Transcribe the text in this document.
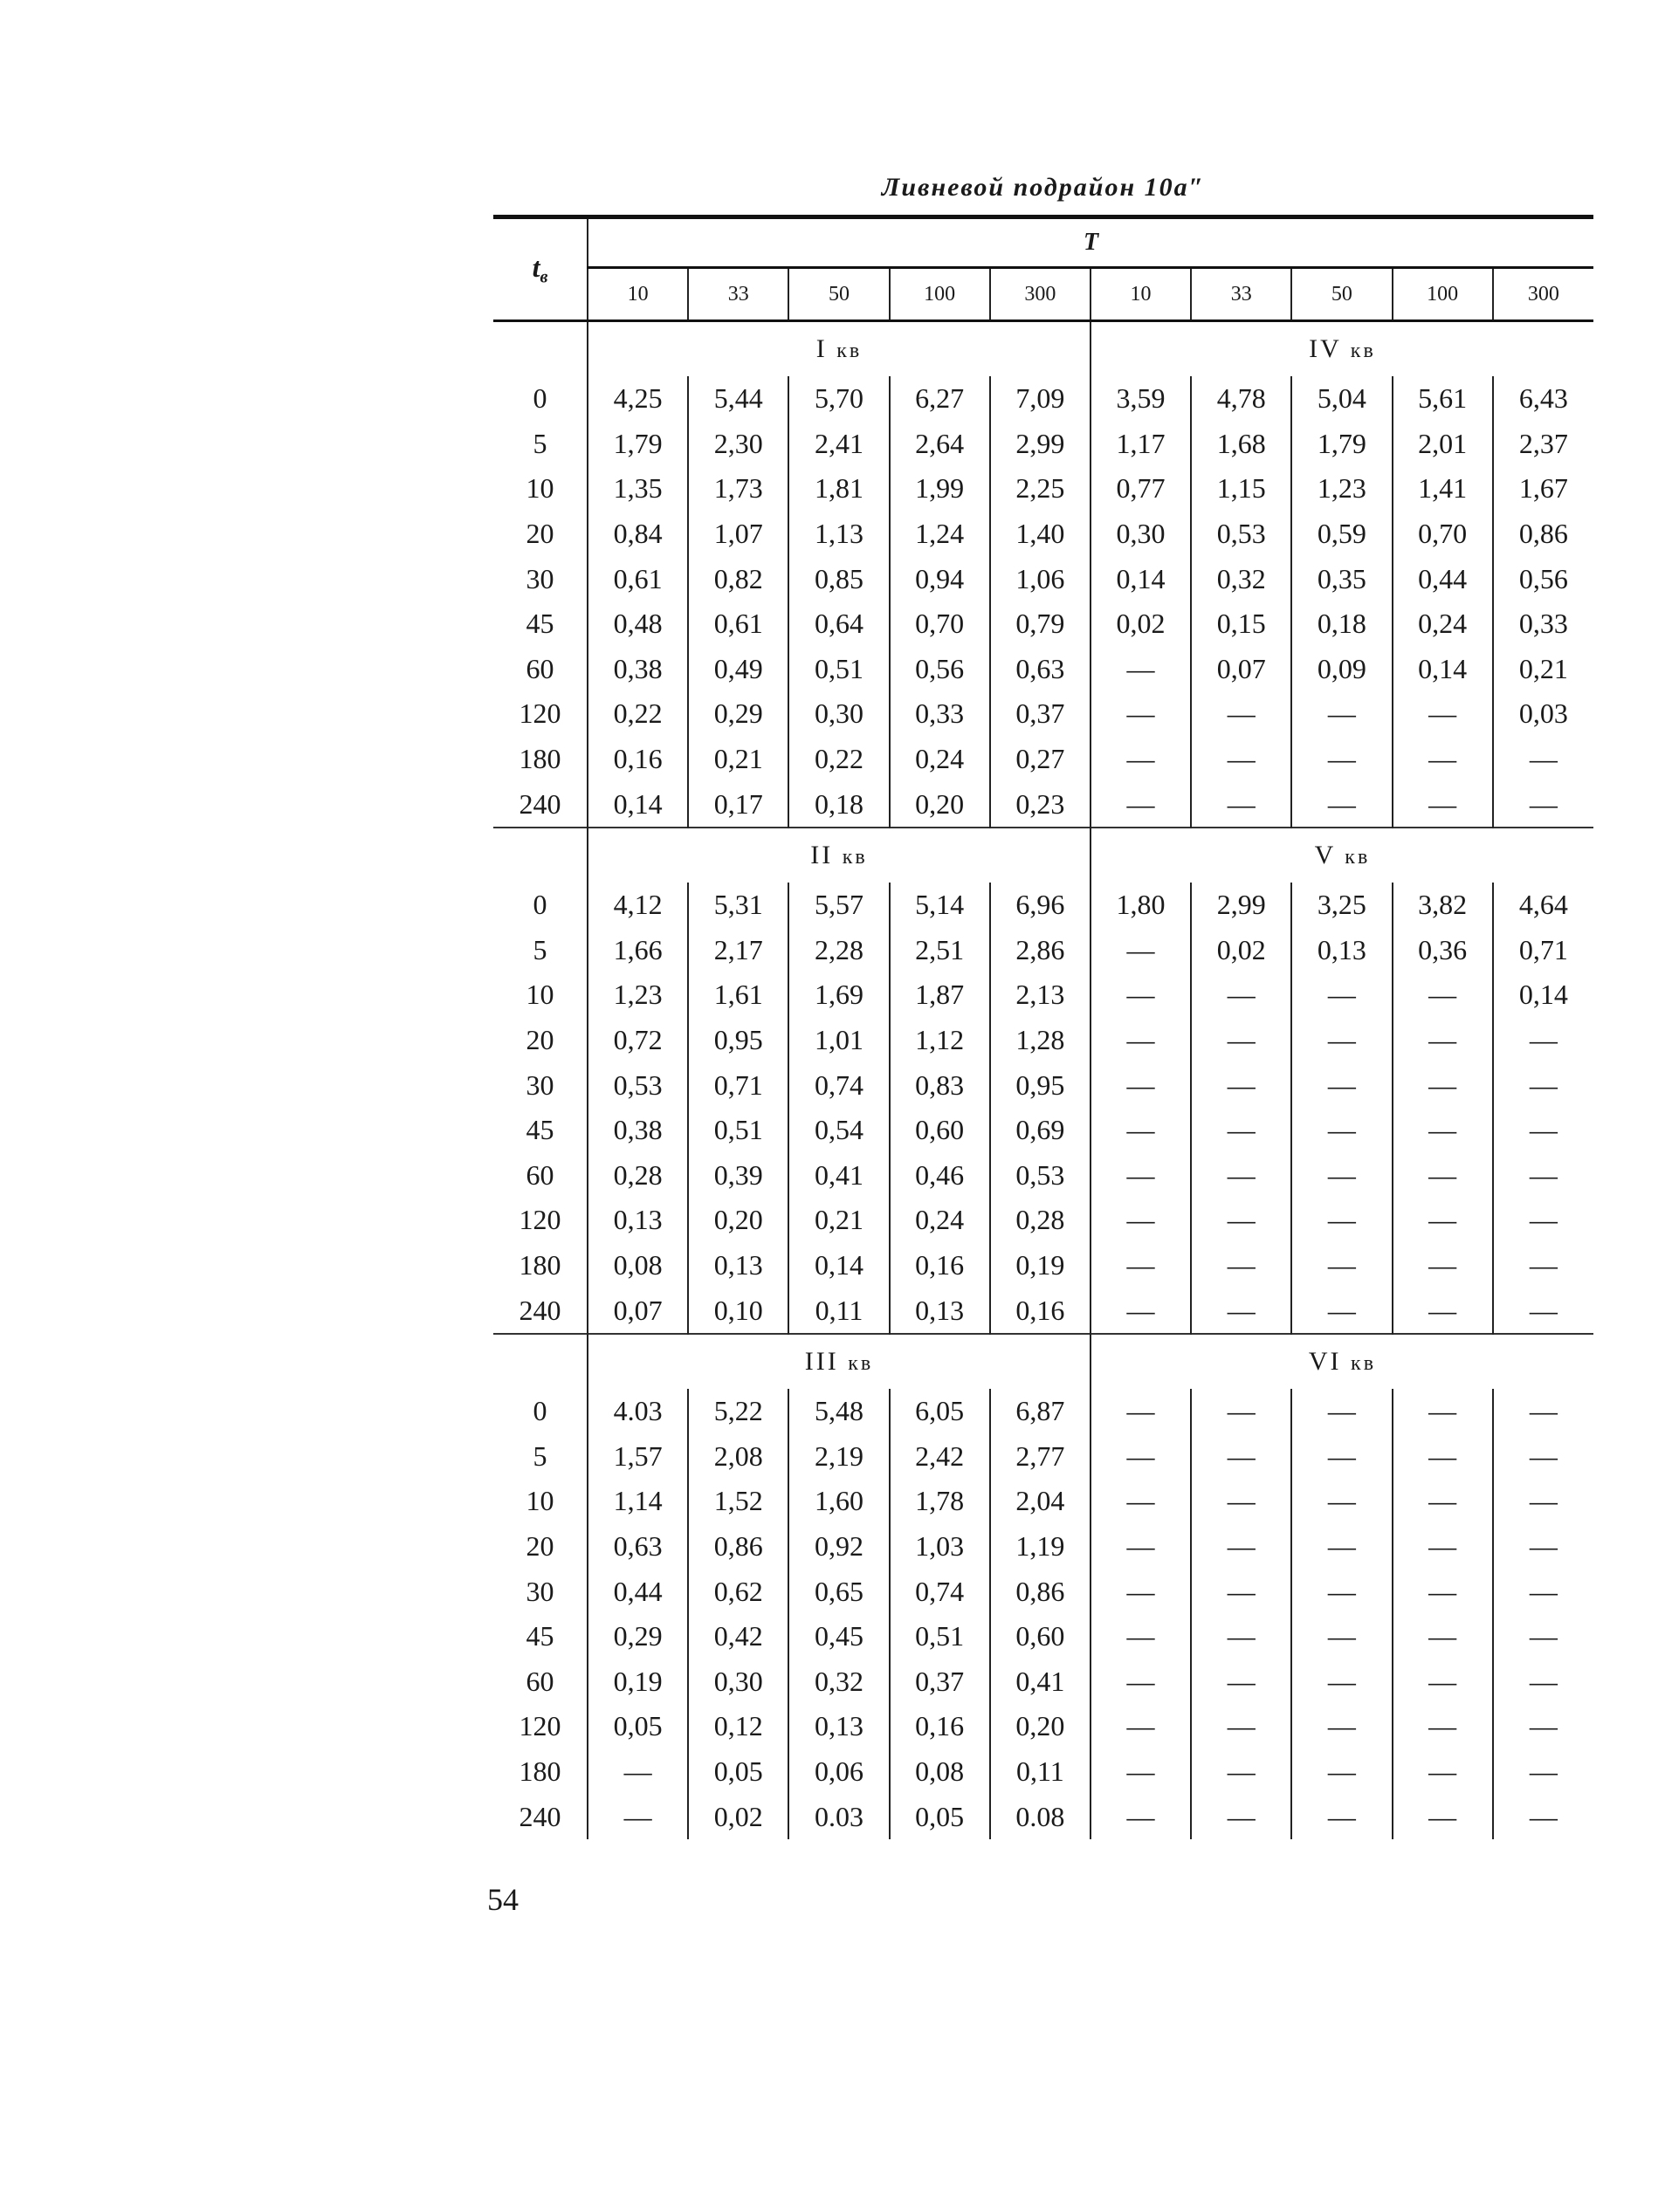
Ливневой подрайон 10а″
$t_в$	T									
	10	33	50	100	300	10	33	50	100	300
	I кв					IV кв				
0	4,25	5,44	5,70	6,27	7,09	3,59	4,78	5,04	5,61	6,43
5	1,79	2,30	2,41	2,64	2,99	1,17	1,68	1,79	2,01	2,37
10	1,35	1,73	1,81	1,99	2,25	0,77	1,15	1,23	1,41	1,67
20	0,84	1,07	1,13	1,24	1,40	0,30	0,53	0,59	0,70	0,86
30	0,61	0,82	0,85	0,94	1,06	0,14	0,32	0,35	0,44	0,56
45	0,48	0,61	0,64	0,70	0,79	0,02	0,15	0,18	0,24	0,33
60	0,38	0,49	0,51	0,56	0,63	—	0,07	0,09	0,14	0,21
120	0,22	0,29	0,30	0,33	0,37	—	—	—	—	0,03
180	0,16	0,21	0,22	0,24	0,27	—	—	—	—	—
240	0,14	0,17	0,18	0,20	0,23	—	—	—	—	—
	II кв					V кв				
0	4,12	5,31	5,57	5,14	6,96	1,80	2,99	3,25	3,82	4,64
5	1,66	2,17	2,28	2,51	2,86	—	0,02	0,13	0,36	0,71
10	1,23	1,61	1,69	1,87	2,13	—	—	—	—	0,14
20	0,72	0,95	1,01	1,12	1,28	—	—	—	—	—
30	0,53	0,71	0,74	0,83	0,95	—	—	—	—	—
45	0,38	0,51	0,54	0,60	0,69	—	—	—	—	—
60	0,28	0,39	0,41	0,46	0,53	—	—	—	—	—
120	0,13	0,20	0,21	0,24	0,28	—	—	—	—	—
180	0,08	0,13	0,14	0,16	0,19	—	—	—	—	—
240	0,07	0,10	0,11	0,13	0,16	—	—	—	—	—
	III кв					VI кв				
0	4.03	5,22	5,48	6,05	6,87	—	—	—	—	—
5	1,57	2,08	2,19	2,42	2,77	—	—	—	—	—
10	1,14	1,52	1,60	1,78	2,04	—	—	—	—	—
20	0,63	0,86	0,92	1,03	1,19	—	—	—	—	—
30	0,44	0,62	0,65	0,74	0,86	—	—	—	—	—
45	0,29	0,42	0,45	0,51	0,60	—	—	—	—	—
60	0,19	0,30	0,32	0,37	0,41	—	—	—	—	—
120	0,05	0,12	0,13	0,16	0,20	—	—	—	—	—
180	—	0,05	0,06	0,08	0,11	—	—	—	—	—
240	—	0,02	0.03	0,05	0.08	—	—	—	—	—
54
